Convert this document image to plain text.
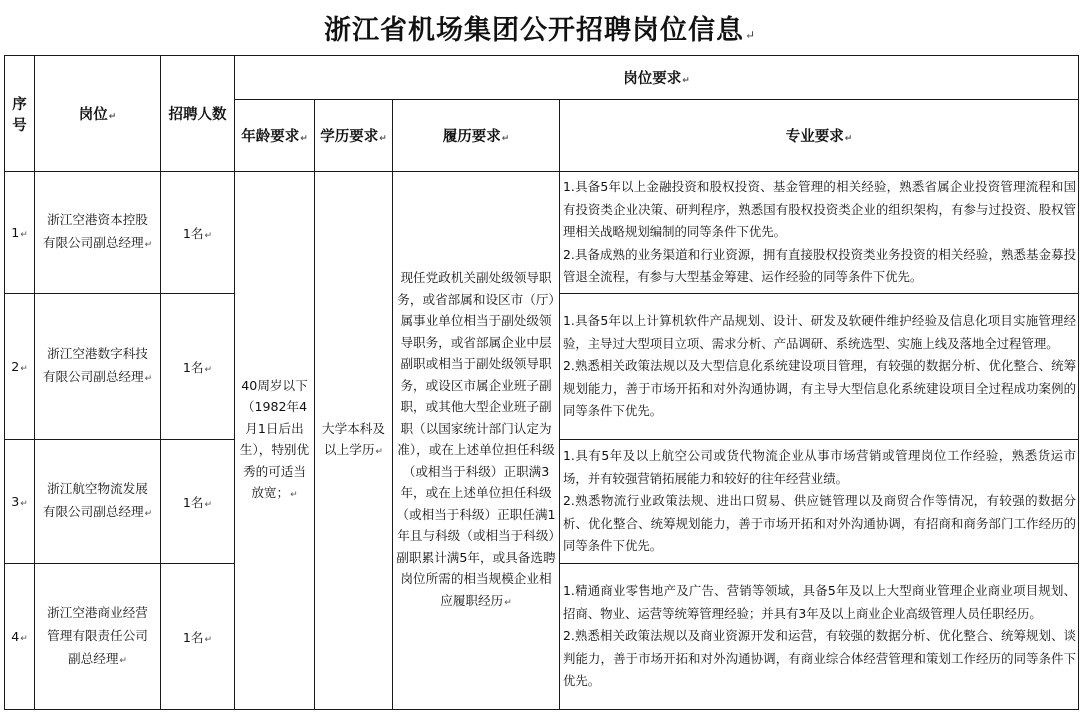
浙江省机场集团公开招聘岗位信息↵
序号	岗位↵	招聘人数	岗位要求↵			
			年龄要求↵	学历要求↵	履历要求↵	专业要求↵
1↵	浙江空港资本控股有限公司副总经理↵	1名↵	40周岁以下（1982年4月1日后出生），特别优秀的可适当放宽；↵	大学本科及以上学历↵	现任党政机关副处级领导职务，或省部属和设区市（厅）属事业单位相当于副处级领导职务，或省部属企业中层副职或相当于副处级领导职务，或设区市属企业班子副职，或其他大型企业班子副职（以国家统计部门认定为准），或在上述单位担任科级（或相当于科级）正职满3年，或在上述单位担任科级（或相当于科级）正职任满1年且与科级（或相当于科级）副职累计满5年，或具备选聘岗位所需的相当规模企业相应履职经历↵	1.具备5年以上金融投资和股权投资、基金管理的相关经验，熟悉省属企业投资管理流程和国有投资类企业决策、研判程序，熟悉国有股权投资类企业的组织架构，有参与过投资、股权管理相关战略规划编制的同等条件下优先。
2.具备成熟的业务渠道和行业资源，拥有直接股权投资类业务投资的相关经验，熟悉基金募投管退全流程，有参与大型基金筹建、运作经验的同等条件下优先。

2↵	浙江空港数字科技有限公司副总经理↵	1名↵				1.具备5年以上计算机软件产品规划、设计、研发及软硬件维护经验及信息化项目实施管理经验，主导过大型项目立项、需求分析、产品调研、系统选型、实施上线及落地全过程管理。
2.熟悉相关政策法规以及大型信息化系统建设项目管理，有较强的数据分析、优化整合、统筹规划能力，善于市场开拓和对外沟通协调，有主导大型信息化系统建设项目全过程成功案例的同等条件下优先。

3↵	浙江航空物流发展有限公司副总经理↵	1名↵				1.具有5年及以上航空公司或货代物流企业从事市场营销或管理岗位工作经验，熟悉货运市场，并有较强营销拓展能力和较好的往年经营业绩。
2.熟悉物流行业政策法规、进出口贸易、供应链管理以及商贸合作等情况，有较强的数据分析、优化整合、统筹规划能力，善于市场开拓和对外沟通协调，有招商和商务部门工作经历的同等条件下优先。

4↵	浙江空港商业经营管理有限责任公司副总经理↵	1名↵				1.精通商业零售地产及广告、营销等领域，具备5年及以上大型商业管理企业商业项目规划、招商、物业、运营等统筹管理经验；并具有3年及以上商业企业高级管理人员任职经历。
2.熟悉相关政策法规以及商业资源开发和运营，有较强的数据分析、优化整合、统筹规划、谈判能力，善于市场开拓和对外沟通协调，有商业综合体经营管理和策划工作经历的同等条件下优先。
